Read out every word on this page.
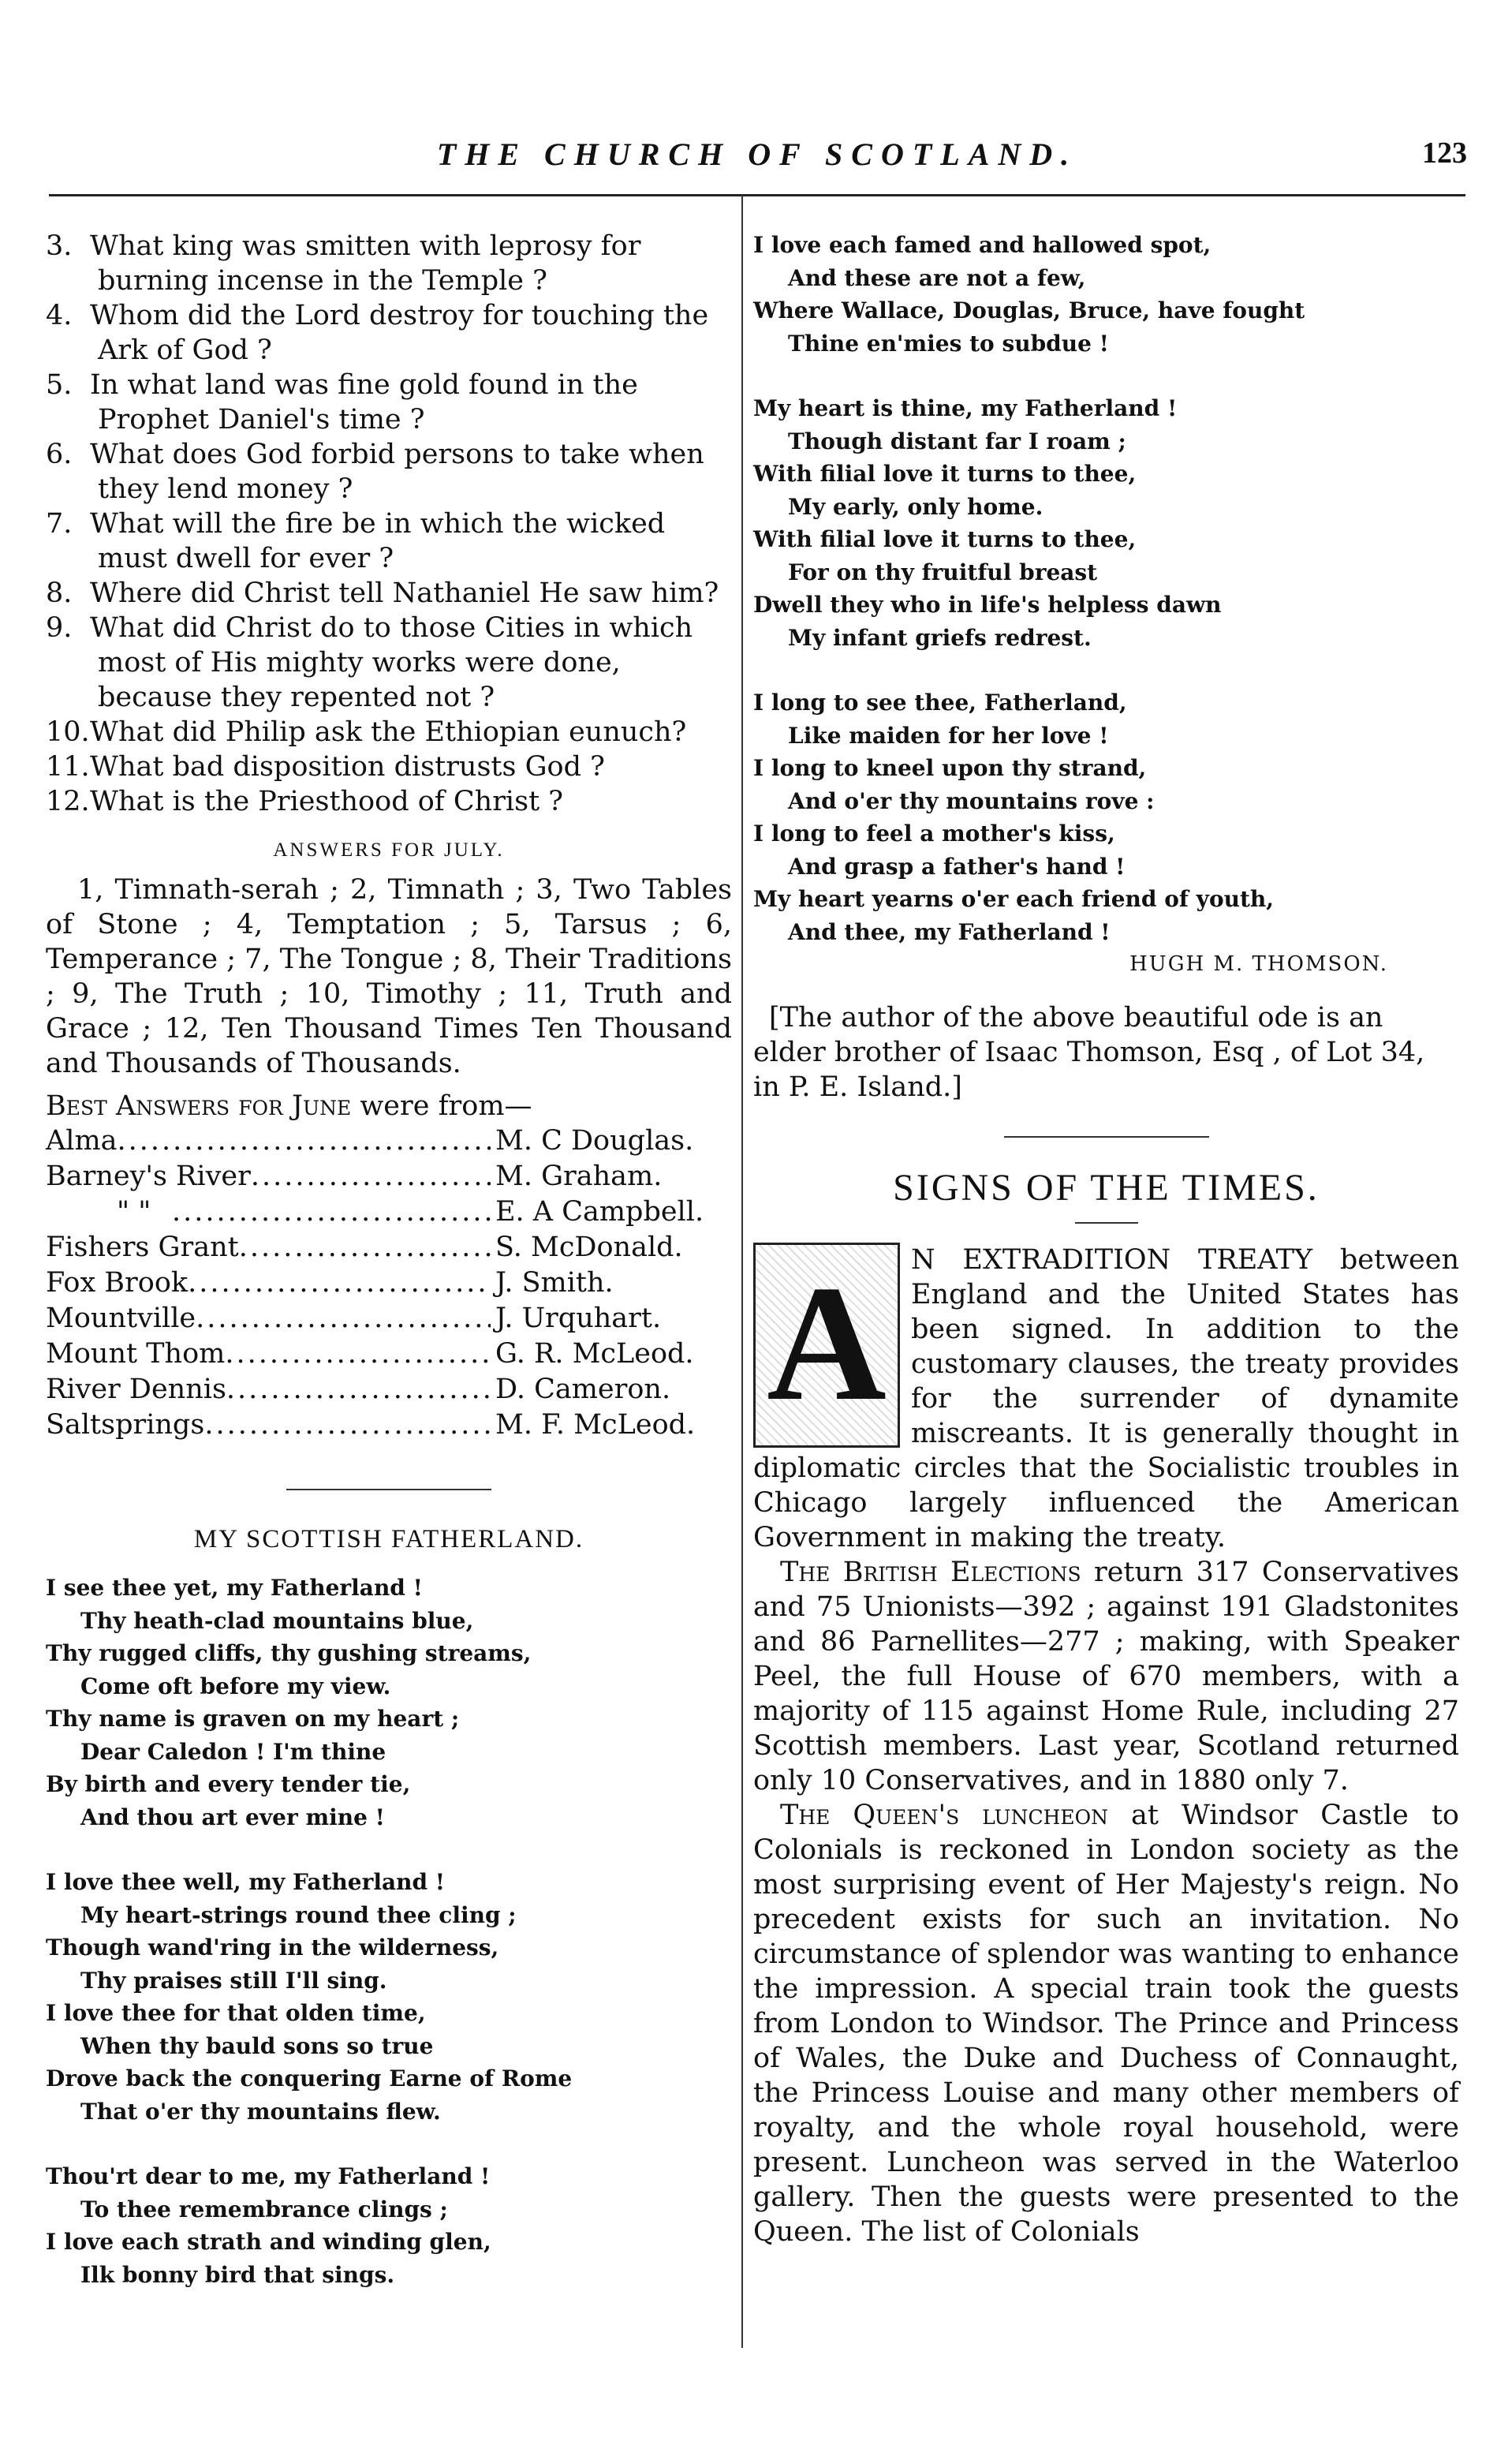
THE CHURCH OF SCOTLAND.	123
3. What king was smitten with leprosy for burning incense in the Temple ?
4. Whom did the Lord destroy for touching the Ark of God ?
5. In what land was fine gold found in the Prophet Daniel's time ?
6. What does God forbid persons to take when they lend money ?
7. What will the fire be in which the wicked must dwell for ever ?
8. Where did Christ tell Nathaniel He saw him?
9. What did Christ do to those Cities in which most of His mighty works were done, because they repented not ?
10.What did Philip ask the Ethiopian eunuch?
11.What bad disposition distrusts God ?
12.What is the Priesthood of Christ ?
ANSWERS FOR JULY.

1, Timnath-serah ; 2, Timnath ; 3, Two Tables of Stone ; 4, Temptation ; 5, Tarsus ; 6, Temperance ; 7, The Tongue ; 8, Their Traditions ; 9, The Truth ; 10, Timothy ; 11, Truth and Grace ; 12, Ten Thousand Times Ten Thousand and Thousands of Thousands.

Best Answers for June were from—

Alma .....	M. C Douglas.
Barney's River .....	M. Graham.
" " .....	E. A Campbell.
Fishers Grant .....	S. McDonald.
Fox Brook .....	J. Smith.
Mountville .....	J. Urquhart.
Mount Thom .....	G. R. McLeod.
River Dennis .....	D. Cameron.
Saltsprings .....	M. F. McLeod.
MY SCOTTISH FATHERLAND.
I see thee yet, my Fatherland !
Thy heath-clad mountains blue,
Thy rugged cliffs, thy gushing streams,
Come oft before my view.
Thy name is graven on my heart ;
Dear Caledon ! I'm thine
By birth and every tender tie,
And thou art ever mine !
I love thee well, my Fatherland !
My heart-strings round thee cling ;
Though wand'ring in the wilderness,
Thy praises still I'll sing.
I love thee for that olden time,
When thy bauld sons so true
Drove back the conquering Earne of Rome
That o'er thy mountains flew.
Thou'rt dear to me, my Fatherland !
To thee remembrance clings ;
I love each strath and winding glen,
Ilk bonny bird that sings.
I love each famed and hallowed spot,
And these are not a few,
Where Wallace, Douglas, Bruce, have fought
Thine en'mies to subdue !
My heart is thine, my Fatherland !
Though distant far I roam ;
With filial love it turns to thee,
My early, only home.
With filial love it turns to thee,
For on thy fruitful breast
Dwell they who in life's helpless dawn
My infant griefs redrest.
I long to see thee, Fatherland,
Like maiden for her love !
I long to kneel upon thy strand,
And o'er thy mountains rove :
I long to feel a mother's kiss,
And grasp a father's hand !
My heart yearns o'er each friend of youth,
And thee, my Fatherland !
HUGH M. THOMSON.

[The author of the above beautiful ode is an elder brother of Isaac Thomson, Esq , of Lot 34, in P. E. Island.]

SIGNS OF THE TIMES.
A N EXTRADITION TREATY between England and the United States has been signed. In addition to the customary clauses, the treaty provides for the surrender of dynamite miscreants. It is generally thought in diplomatic circles that the Socialistic troubles in Chicago largely influenced the American Government in making the treaty.

The British Elections return 317 Conservatives and 75 Unionists—392 ; against 191 Gladstonites and 86 Parnellites—277 ; making, with Speaker Peel, the full House of 670 members, with a majority of 115 against Home Rule, including 27 Scottish members. Last year, Scotland returned only 10 Conservatives, and in 1880 only 7.

The Queen's luncheon at Windsor Castle to Colonials is reckoned in London society as the most surprising event of Her Majesty's reign. No precedent exists for such an invitation. No circumstance of splendor was wanting to enhance the impression. A special train took the guests from London to Windsor. The Prince and Princess of Wales, the Duke and Duchess of Connaught, the Princess Louise and many other members of royalty, and the whole royal household, were present. Luncheon was served in the Waterloo gallery. Then the guests were presented to the Queen. The list of Colonials
